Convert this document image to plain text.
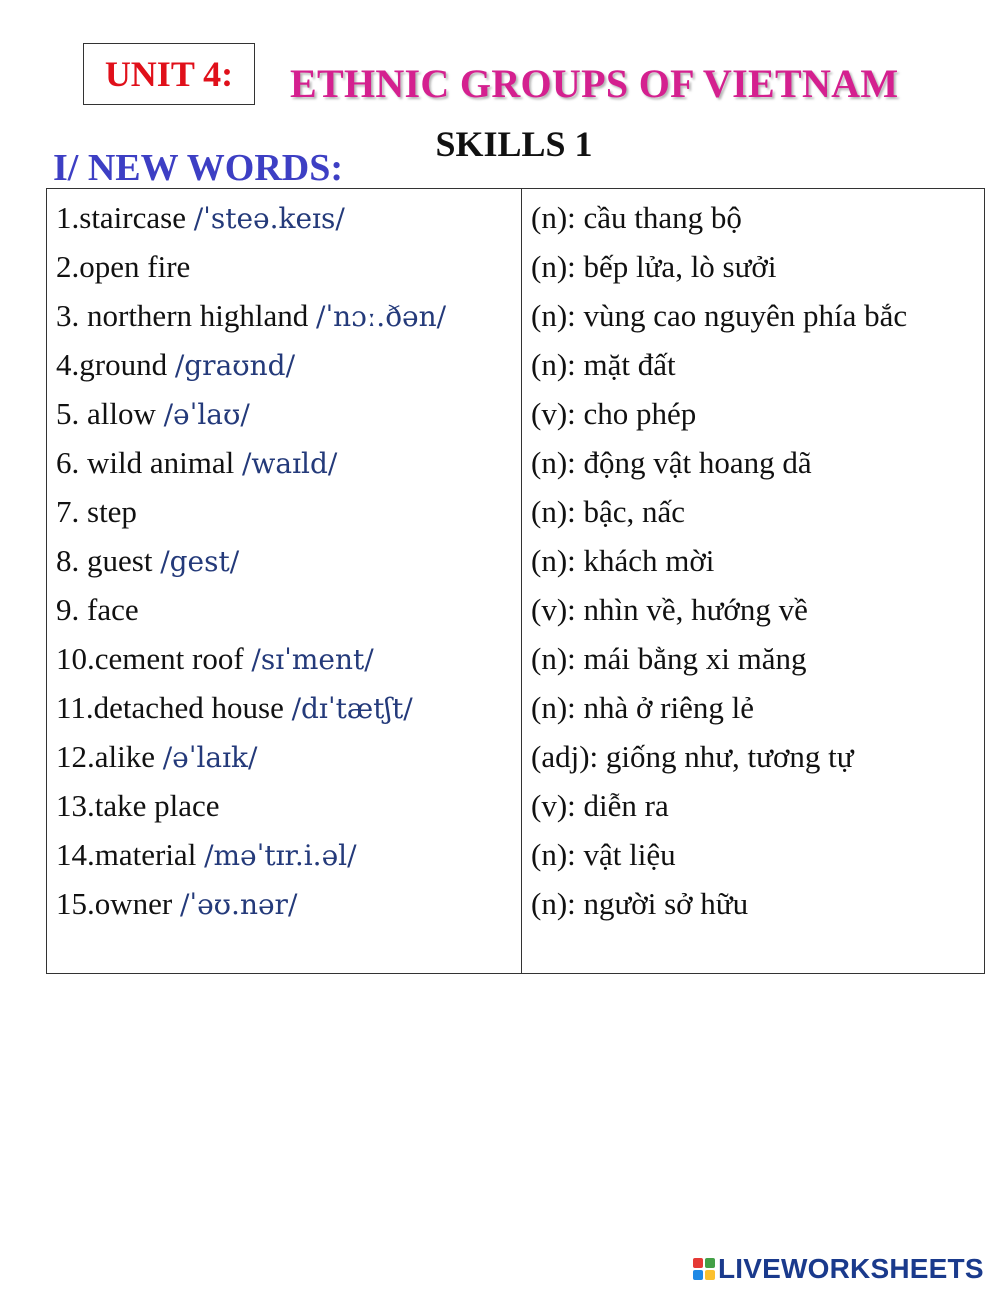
UNIT 4: ETHNIC GROUPS OF VIETNAM
SKILLS 1
I/ NEW WORDS:
1.staircase /ˈsteə.keɪs/
2.open fire
3. northern highland /ˈnɔː.ðən/
4.ground /graʊnd/
5. allow /əˈlaʊ/
6. wild animal /waɪld/
7. step
8. guest /gest/
9. face
10.cement roof /sɪˈment/
11.detached house /dɪˈtætʃt/
12.alike /əˈlaɪk/
13.take place
14.material /məˈtɪr.i.əl/
15.owner /ˈəʊ.nər/
(n): cầu thang bộ
(n): bếp lửa, lò sưởi
(n): vùng cao nguyên phía bắc
(n): mặt đất
(v): cho phép
(n): động vật hoang dã
(n): bậc, nấc
(n): khách mời
(v): nhìn về, hướng về
(n): mái bằng xi măng
(n): nhà ở riêng lẻ
(adj): giống như, tương tự
(v): diễn ra
(n): vật liệu
(n): người sở hữu
LIVEWORKSHEETS
